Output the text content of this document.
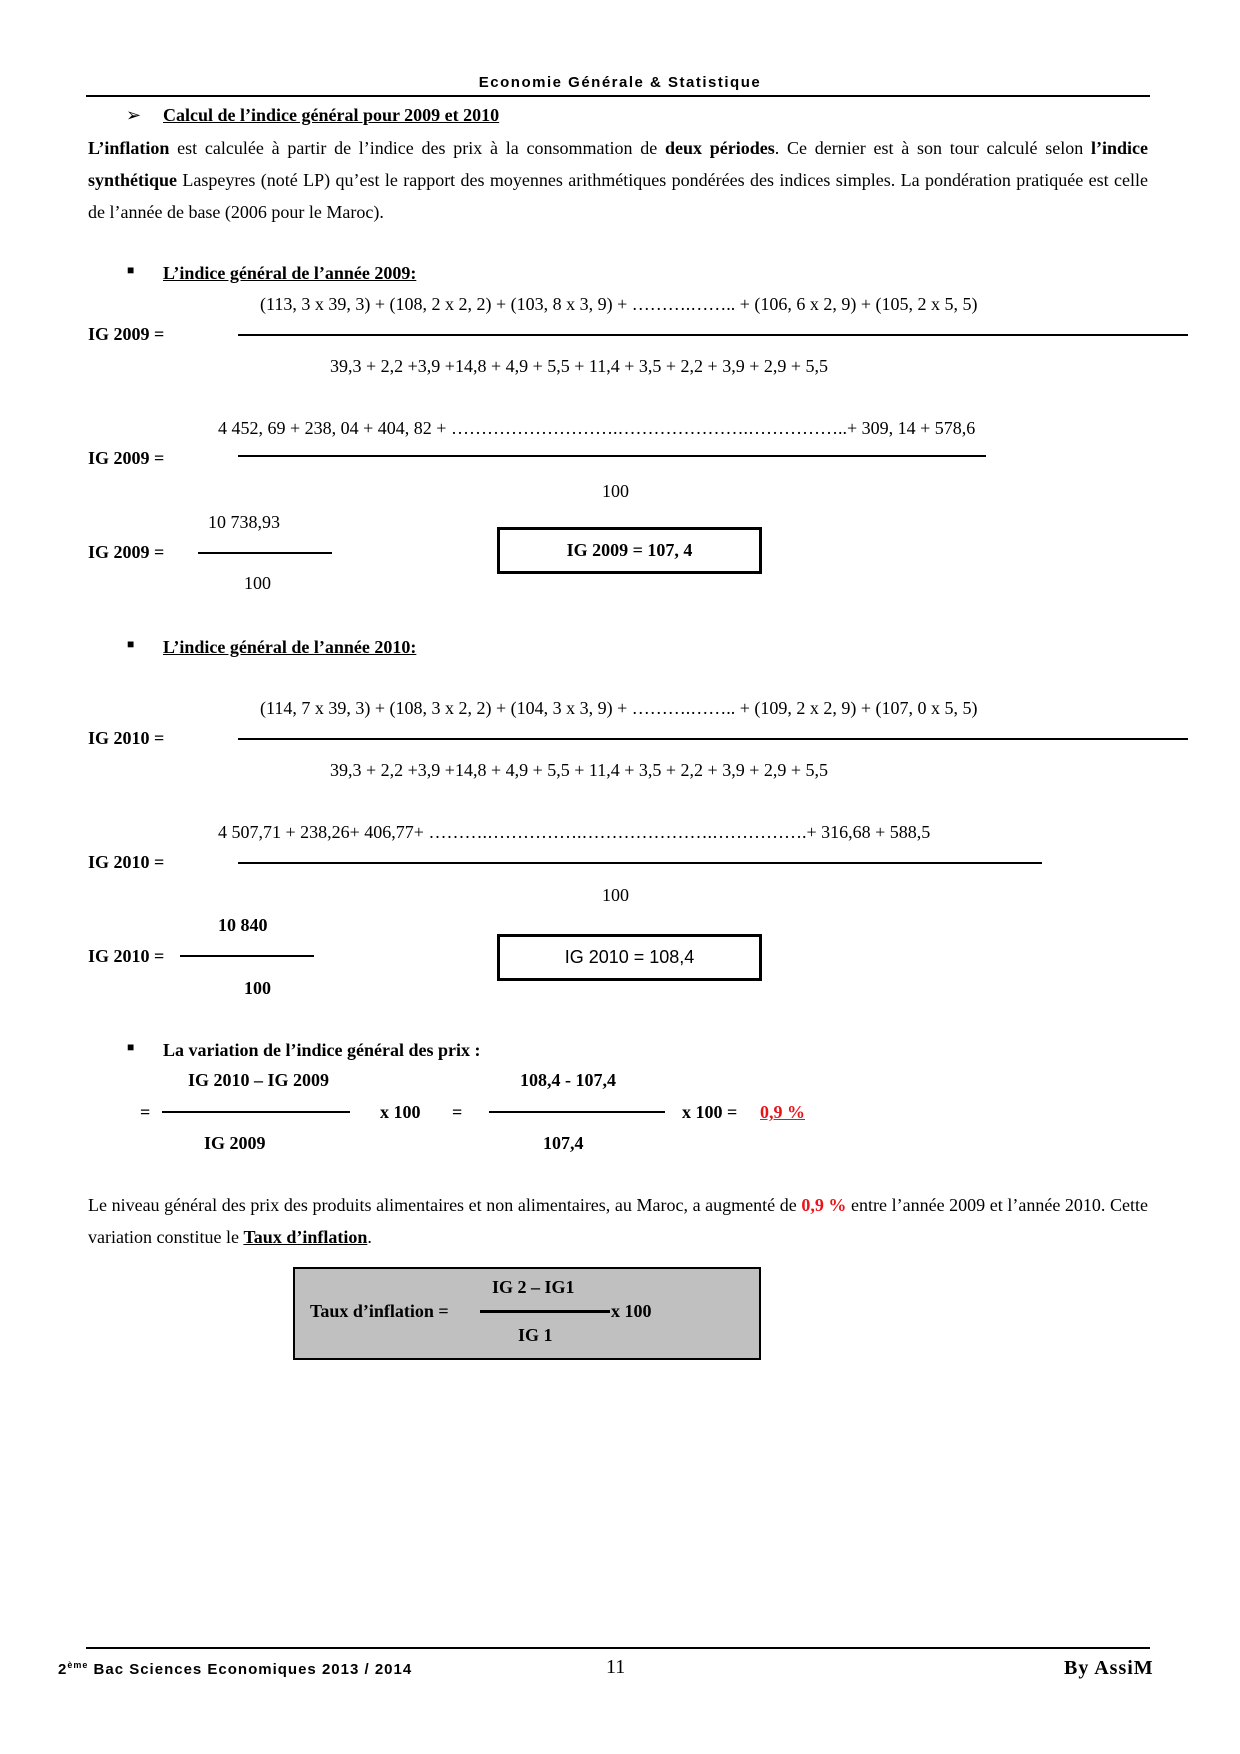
Economie Générale & Statistique
➢ Calcul de l’indice général pour 2009 et 2010
L’inflation est calculée à partir de l’indice des prix à la consommation de deux périodes. Ce dernier est à son tour calculé selon l’indice synthétique Laspeyres (noté LP) qu’est le rapport des moyennes arithmétiques pondérées des indices simples. La pondération pratiquée est celle de l’année de base (2006 pour le Maroc).
■ L’indice général de l’année 2009:
(113, 3 x 39, 3) + (108, 2 x 2, 2) + (103, 8 x 3, 9) + ……….…….. + (106, 6 x 2, 9) + (105, 2 x 5, 5)
IG 2009 =
39,3 + 2,2 +3,9 +14,8 + 4,9 + 5,5 + 11,4 + 3,5 + 2,2 + 3,9 + 2,9 + 5,5
4 452, 69 + 238, 04 + 404, 82 + ……………………….………………….……………..+ 309, 14 + 578,6
IG 2009 =
100
10 738,93
IG 2009 =
100
IG 2009 = 107, 4
■ L’indice général de l’année 2010:
(114, 7 x 39, 3) + (108, 3 x 2, 2) + (104, 3 x 3, 9) + ……….…….. + (109, 2 x 2, 9) + (107, 0 x 5, 5)
IG 2010 =
39,3 + 2,2 +3,9 +14,8 + 4,9 + 5,5 + 11,4 + 3,5 + 2,2 + 3,9 + 2,9 + 5,5
4 507,71 + 238,26+ 406,77+ ……….…………….………………….…………….+ 316,68 + 588,5
IG 2010 =
100
10 840
IG 2010 =
100
IG 2010 = 108,4
■ La variation de l’indice général des prix :
=
IG 2010 – IG 2009
IG 2009
x 100 =
108,4 - 107,4
107,4
x 100 = 0,9 %
Le niveau général des prix des produits alimentaires et non alimentaires, au Maroc, a augmenté de 0,9 % entre l’année 2009 et l’année 2010. Cette variation constitue le Taux d’inflation.
Taux d’inflation =
IG 2 – IG1
IG 1
x 100
2ème Bac Sciences Economiques 2013 / 2014	11	By AssiM
